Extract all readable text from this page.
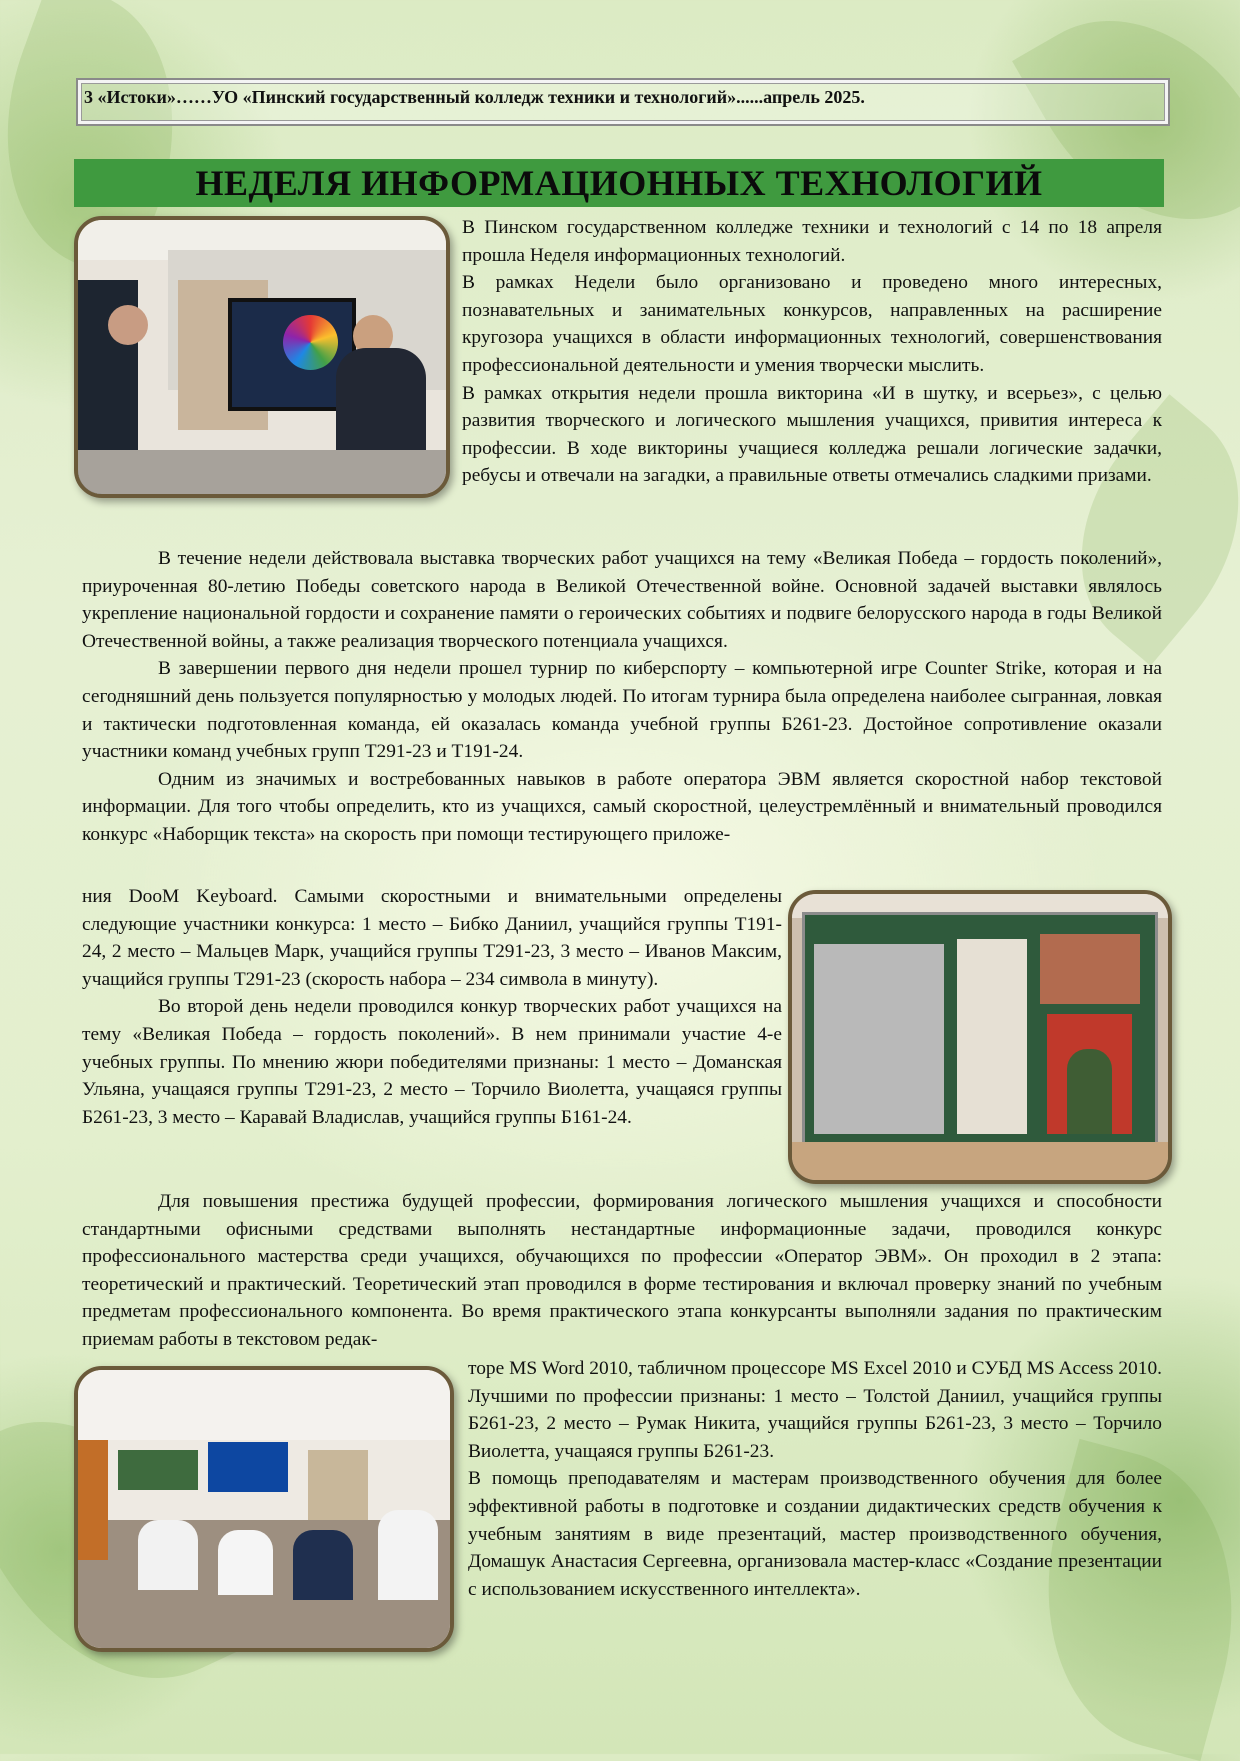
3 «Истоки»……УО «Пинский государственный колледж техники и технологий»......апрель 2025.
НЕДЕЛЯ ИНФОРМАЦИОННЫХ ТЕХНОЛОГИЙ

В Пинском государственном колледже техники и технологий с 14 по 18 апреля прошла Неделя информационных технологий.

В рамках Недели было организовано и проведено много интересных, познавательных и занимательных конкурсов, направленных на расширение кругозора учащихся в области информационных технологий, совершенствования профессиональной деятельности и умения творчески мыслить.

В рамках открытия недели прошла викторина «И в шутку, и всерьез», с целью развития творческого и логического мышления учащихся, привития интереса к профессии. В ходе викторины учащиеся колледжа решали логические задачки, ребусы и отвечали на загадки, а правильные ответы отмечались сладкими призами.

В течение недели действовала выставка творческих работ учащихся на тему «Великая Победа – гордость поколений», приуроченная 80-летию Победы советского народа в Великой Отечественной войне. Основной задачей выставки являлось укрепление национальной гордости и сохранение памяти о героических событиях и подвиге белорусского народа в годы Великой Отечественной войны, а также реализация творческого потенциала учащихся.

В завершении первого дня недели прошел турнир по киберспорту – компьютерной игре Counter Strike, которая и на сегодняшний день пользуется популярностью у молодых людей. По итогам турнира была определена наиболее сыгранная, ловкая и тактически подготовленная команда, ей оказалась команда учебной группы Б261-23. Достойное сопротивление оказали участники команд учебных групп Т291-23 и Т191-24.

Одним из значимых и востребованных навыков в работе оператора ЭВМ является скоростной набор текстовой информации. Для того чтобы определить, кто из учащихся, самый скоростной, целеустремлённый и внимательный проводился конкурс «Наборщик текста» на скорость при помощи тестирующего приложе-

ния DooM Keyboard. Самыми скоростными и внимательными определены следующие участники конкурса: 1 место – Бибко Даниил, учащийся группы Т191-24, 2 место – Мальцев Марк, учащийся группы Т291-23, 3 место – Иванов Максим, учащийся группы Т291-23 (скорость набора – 234 символа в минуту).

Во второй день недели проводился конкур творческих работ учащихся на тему «Великая Победа – гордость поколений». В нем принимали участие 4-е учебных группы. По мнению жюри победителями признаны: 1 место – Доманская Ульяна, учащаяся группы Т291-23, 2 место – Торчило Виолетта, учащаяся группы Б261-23, 3 место – Каравай Владислав, учащийся группы Б161-24.

Для повышения престижа будущей профессии, формирования логического мышления учащихся и способности стандартными офисными средствами выполнять нестандартные информационные задачи, проводился конкурс профессионального мастерства среди учащихся, обучающихся по профессии «Оператор ЭВМ». Он проходил в 2 этапа: теоретический и практический. Теоретический этап проводился в форме тестирования и включал проверку знаний по учебным предметам профессионального компонента. Во время практического этапа конкурсанты выполняли задания по практическим приемам работы в текстовом редак-

торе MS Word 2010, табличном процессоре MS Excel 2010 и СУБД MS Access 2010. Лучшими по профессии признаны: 1 место – Толстой Даниил, учащийся группы Б261-23, 2 место – Румак Никита, учащийся группы Б261-23, 3 место – Торчило Виолетта, учащаяся группы Б261-23.

В помощь преподавателям и мастерам производственного обучения для более эффективной работы в подготовке и создании дидактических средств обучения к учебным занятиям в виде презентаций, мастер производственного обучения, Домашук Анастасия Сергеевна, организовала мастер-класс «Создание презентации с использованием искусственного интеллекта».
